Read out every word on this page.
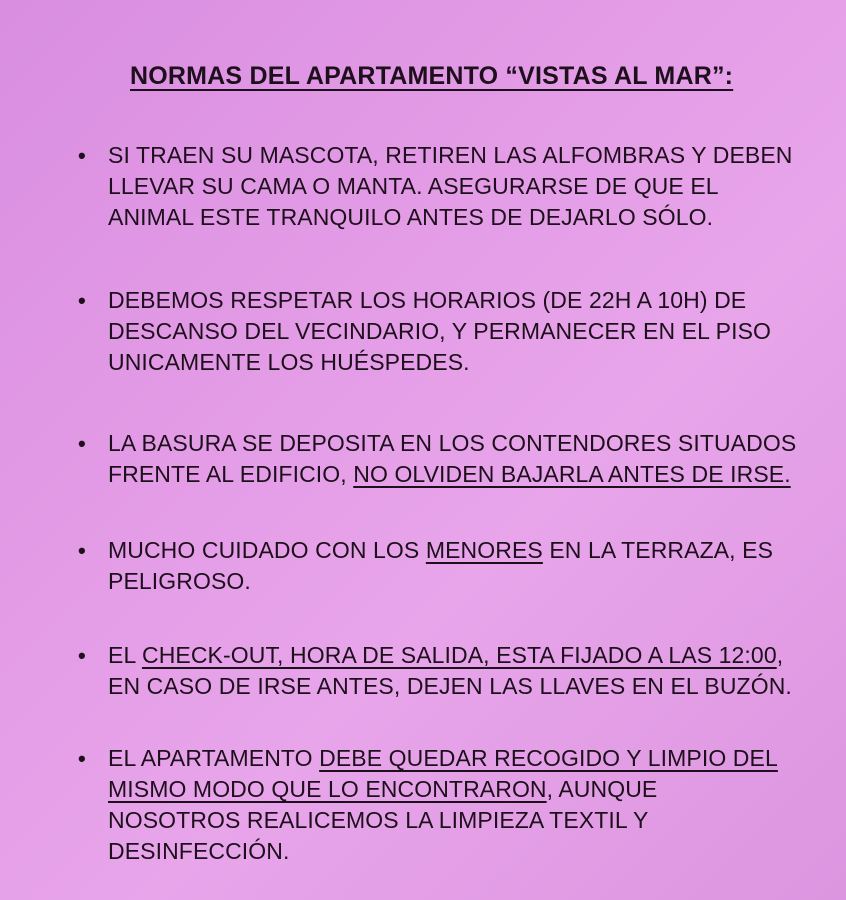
NORMAS DEL APARTAMENTO “VISTAS AL MAR”:
• SI TRAEN SU MASCOTA, RETIREN LAS ALFOMBRAS Y DEBEN
LLEVAR SU CAMA O MANTA. ASEGURARSE DE QUE EL
ANIMAL ESTE TRANQUILO ANTES DE DEJARLO SÓLO.
• DEBEMOS RESPETAR LOS HORARIOS (DE 22H A 10H) DE
DESCANSO DEL VECINDARIO, Y PERMANECER EN EL PISO
UNICAMENTE LOS HUÉSPEDES.
• LA BASURA SE DEPOSITA EN LOS CONTENDORES SITUADOS
FRENTE AL EDIFICIO, NO OLVIDEN BAJARLA ANTES DE IRSE.
• MUCHO CUIDADO CON LOS MENORES EN LA TERRAZA, ES
PELIGROSO.
• EL CHECK-OUT, HORA DE SALIDA, ESTA FIJADO A LAS 12:00,
EN CASO DE IRSE ANTES, DEJEN LAS LLAVES EN EL BUZÓN.
• EL APARTAMENTO DEBE QUEDAR RECOGIDO Y LIMPIO DEL
MISMO MODO QUE LO ENCONTRARON, AUNQUE
NOSOTROS REALICEMOS LA LIMPIEZA TEXTIL Y
DESINFECCIÓN.
